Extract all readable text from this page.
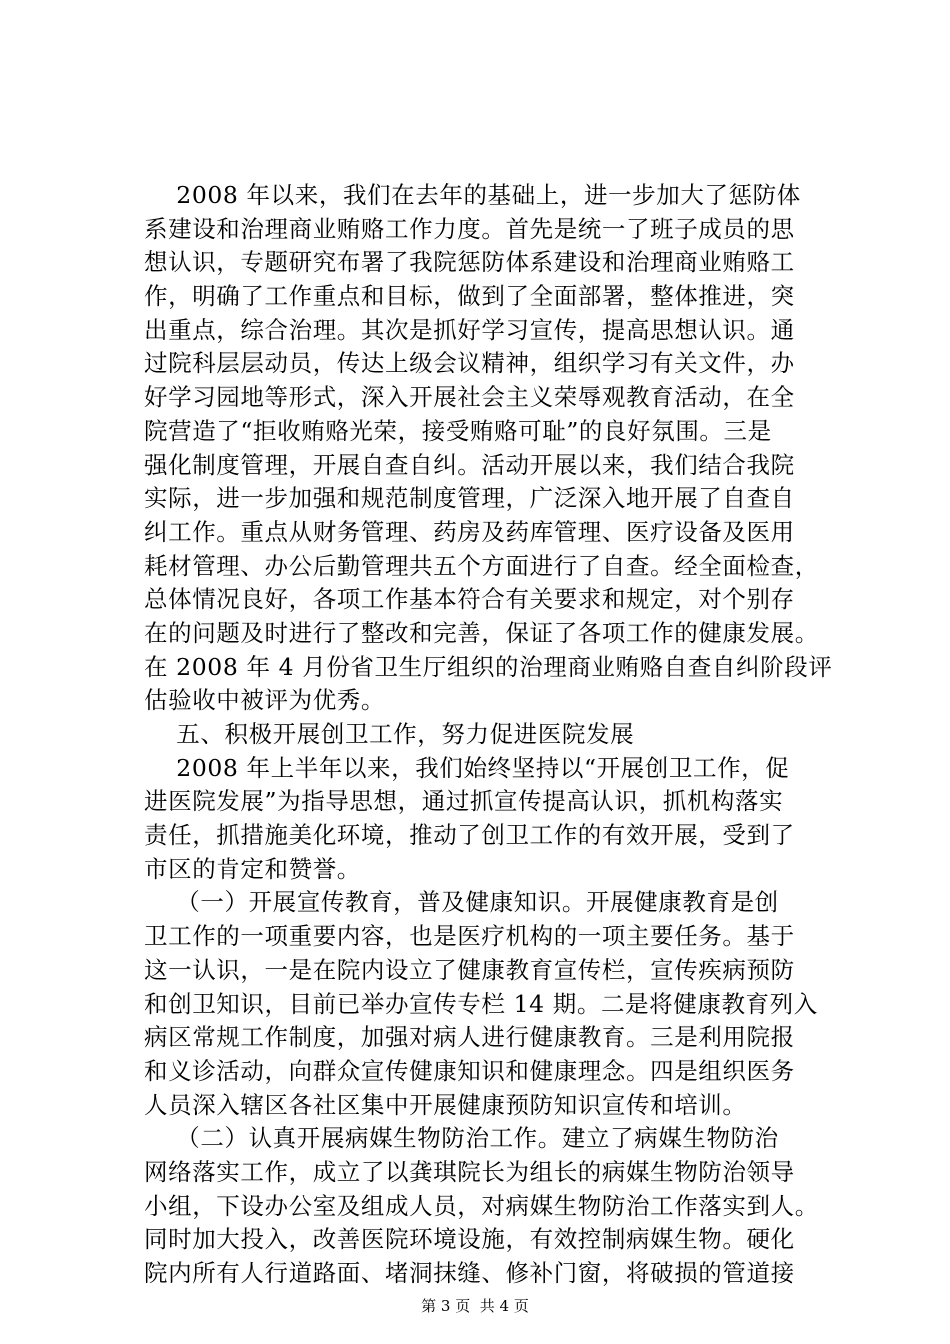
2008 年以来，我们在去年的基础上，进一步加大了惩防体
系建设和治理商业贿赂工作力度。首先是统一了班子成员的思
想认识，专题研究布署了我院惩防体系建设和治理商业贿赂工
作，明确了工作重点和目标，做到了全面部署，整体推进，突
出重点，综合治理。其次是抓好学习宣传，提高思想认识。通
过院科层层动员，传达上级会议精神，组织学习有关文件，办
好学习园地等形式，深入开展社会主义荣辱观教育活动，在全
院营造了“拒收贿赂光荣，接受贿赂可耻”的良好氛围。三是
强化制度管理，开展自查自纠。活动开展以来，我们结合我院
实际，进一步加强和规范制度管理，广泛深入地开展了自查自
纠工作。重点从财务管理、药房及药库管理、医疗设备及医用
耗材管理、办公后勤管理共五个方面进行了自查。经全面检查，
总体情况良好，各项工作基本符合有关要求和规定，对个别存
在的问题及时进行了整改和完善，保证了各项工作的健康发展。
在 2008 年 4 月份省卫生厅组织的治理商业贿赂自查自纠阶段评
估验收中被评为优秀。
五、积极开展创卫工作，努力促进医院发展
2008 年上半年以来，我们始终坚持以“开展创卫工作，促
进医院发展”为指导思想，通过抓宣传提高认识，抓机构落实
责任，抓措施美化环境，推动了创卫工作的有效开展，受到了
市区的肯定和赞誉。
（一）开展宣传教育，普及健康知识。开展健康教育是创
卫工作的一项重要内容，也是医疗机构的一项主要任务。基于
这一认识，一是在院内设立了健康教育宣传栏，宣传疾病预防
和创卫知识，目前已举办宣传专栏 14 期。二是将健康教育列入
病区常规工作制度，加强对病人进行健康教育。三是利用院报
和义诊活动，向群众宣传健康知识和健康理念。四是组织医务
人员深入辖区各社区集中开展健康预防知识宣传和培训。
（二）认真开展病媒生物防治工作。建立了病媒生物防治
网络落实工作，成立了以龚琪院长为组长的病媒生物防治领导
小组，下设办公室及组成人员，对病媒生物防治工作落实到人。
同时加大投入，改善医院环境设施，有效控制病媒生物。硬化
院内所有人行道路面、堵洞抹缝、修补门窗，将破损的管道接
第 3 页  共 4 页
